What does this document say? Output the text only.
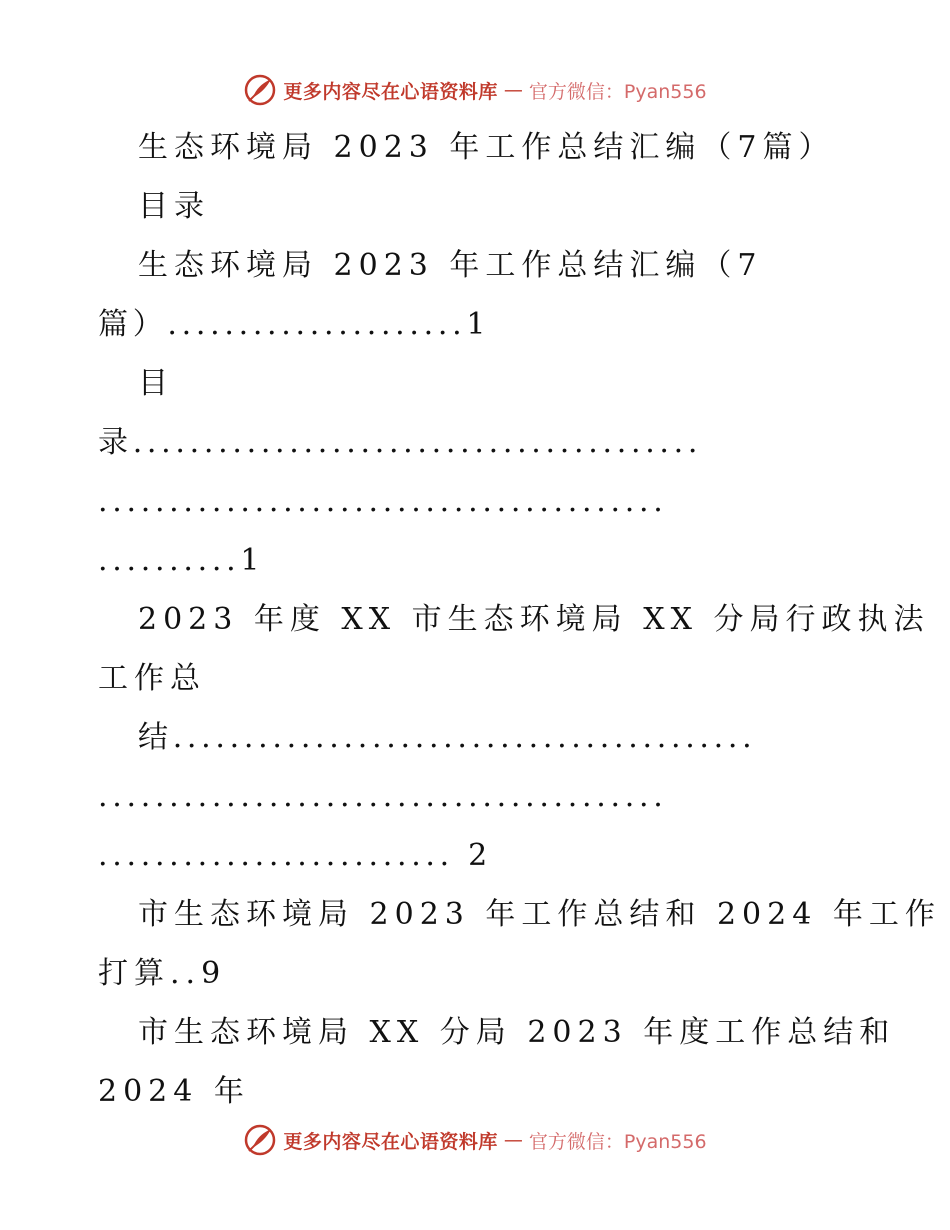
更多内容尽在心语资料库 — 官方微信：Pyan556
生态环境局 2023 年工作总结汇编（7篇）
目录
生态环境局 2023 年工作总结汇编（7
篇）.....................1
目
录........................................
........................................
..........1
2023 年度 XX 市生态环境局 XX 分局行政执法
工作总
结.........................................
........................................
......................... 2
市生态环境局 2023 年工作总结和 2024 年工作
打算..9
市生态环境局 XX 分局 2023 年度工作总结和
2024 年
更多内容尽在心语资料库 — 官方微信：Pyan556
